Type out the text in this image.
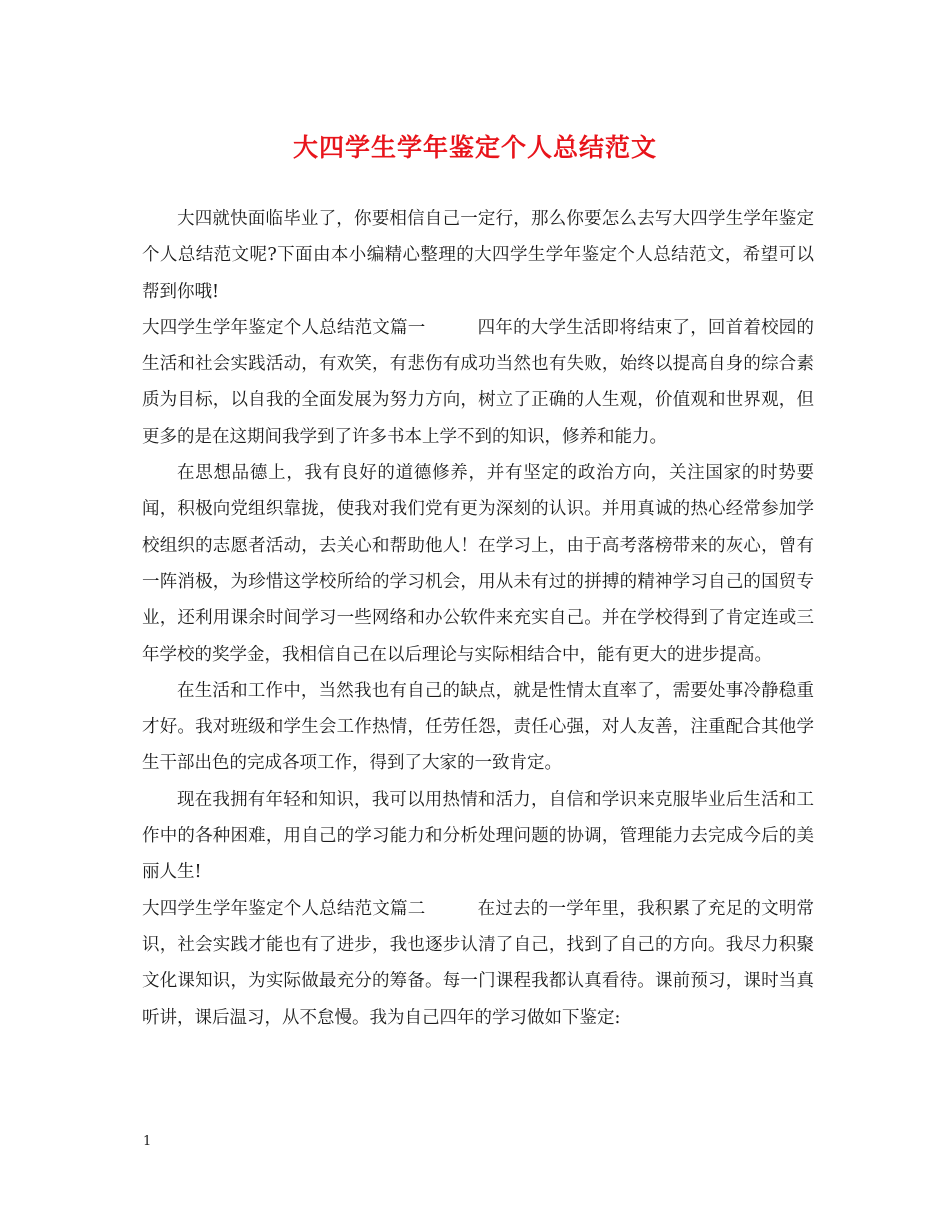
大四学生学年鉴定个人总结范文

大四就快面临毕业了，你要相信自己一定行，那么你要怎么去写大四学生学年鉴定个人总结范文呢?下面由本小编精心整理的大四学生学年鉴定个人总结范文，希望可以帮到你哦!

大四学生学年鉴定个人总结范文篇一	四年的大学生活即将结束了，回首着校园的生活和社会实践活动，有欢笑，有悲伤有成功当然也有失败，始终以提高自身的综合素质为目标，以自我的全面发展为努力方向，树立了正确的人生观，价值观和世界观，但更多的是在这期间我学到了许多书本上学不到的知识，修养和能力。

在思想品德上，我有良好的道德修养，并有坚定的政治方向，关注国家的时势要闻，积极向党组织靠拢，使我对我们党有更为深刻的认识。并用真诚的热心经常参加学校组织的志愿者活动，去关心和帮助他人！在学习上，由于高考落榜带来的灰心，曾有一阵消极，为珍惜这学校所给的学习机会，用从未有过的拼搏的精神学习自己的国贸专业，还利用课余时间学习一些网络和办公软件来充实自己。并在学校得到了肯定连或三年学校的奖学金，我相信自己在以后理论与实际相结合中，能有更大的进步提高。

在生活和工作中，当然我也有自己的缺点，就是性情太直率了，需要处事冷静稳重才好。我对班级和学生会工作热情，任劳任怨，责任心强，对人友善，注重配合其他学生干部出色的完成各项工作，得到了大家的一致肯定。

现在我拥有年轻和知识，我可以用热情和活力，自信和学识来克服毕业后生活和工作中的各种困难，用自己的学习能力和分析处理问题的协调，管理能力去完成今后的美丽人生!

大四学生学年鉴定个人总结范文篇二	在过去的一学年里，我积累了充足的文明常识，社会实践才能也有了进步，我也逐步认清了自己，找到了自己的方向。我尽力积聚文化课知识，为实际做最充分的筹备。每一门课程我都认真看待。课前预习，课时当真听讲，课后温习，从不怠慢。我为自己四年的学习做如下鉴定:

1
